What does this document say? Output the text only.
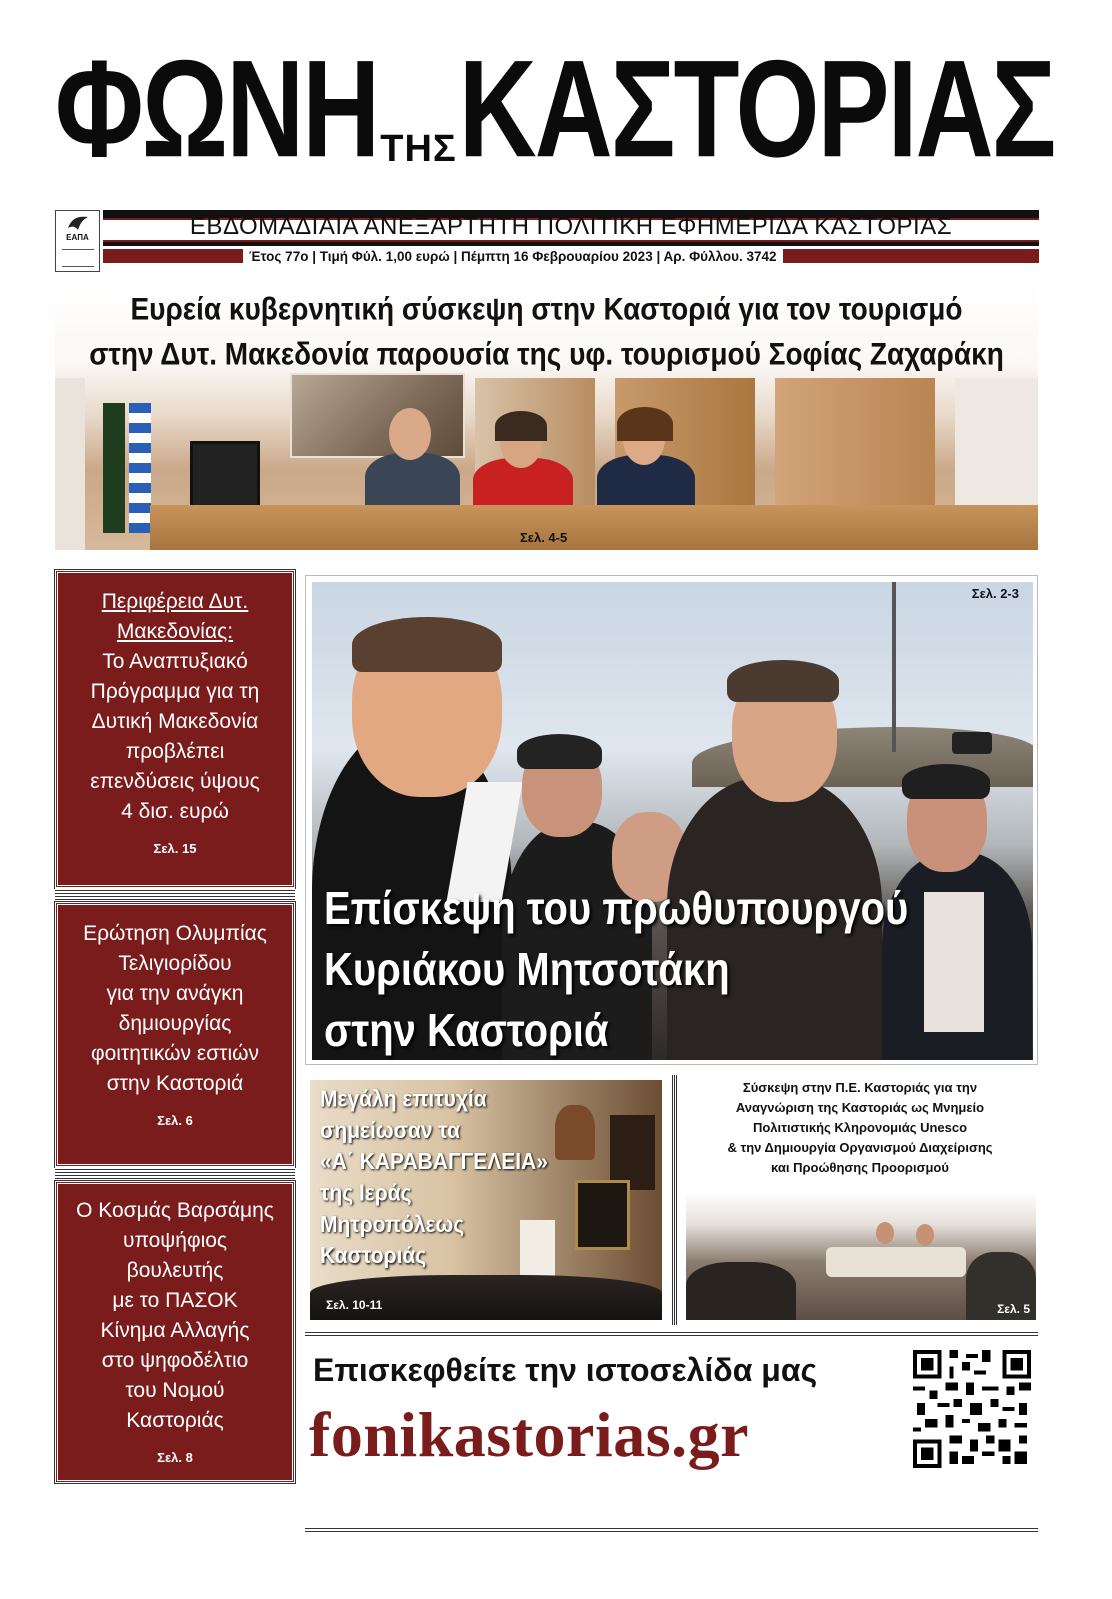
ΦΩΝΗΤΗΣΚΑΣΤΟΡΙΑΣ
ΕΑΠΑ	ΕΒΔΟΜΑΔΙΑΙΑ ΑΝΕΞΑΡΤΗΤΗ ΠΟΛΙΤΙΚΗ ΕΦΗΜΕΡΙΔΑ ΚΑΣΤΟΡΙΑΣ
Έτος 77ο | Τιμή Φύλ. 1,00 ευρώ | Πέμπτη 16 Φεβρουαρίου 2023 | Αρ. Φύλλου. 3742
Ευρεία κυβερνητική σύσκεψη στην Καστοριά για τον τουρισμό
στην Δυτ. Μακεδονία παρουσία της υφ. τουρισμού Σοφίας Ζαχαράκη
Σελ. 4-5
Περιφέρεια Δυτ.
Μακεδονίας:
Το Αναπτυξιακό
Πρόγραμμα για τη
Δυτική Μακεδονία
προβλέπει
επενδύσεις ύψους
4 δισ. ευρώ
Σελ. 15
Ερώτηση Ολυμπίας
Τελιγιορίδου
για την ανάγκη
δημιουργίας
φοιτητικών εστιών
στην Καστοριά
Σελ. 6
Ο Κοσμάς Βαρσάμης
υποψήφιος
βουλευτής
με το ΠΑΣΟΚ
Κίνημα Αλλαγής
στο ψηφοδέλτιο
του Νομού
Καστοριάς
Σελ. 8
Σελ. 2-3
Επίσκεψη του πρωθυπουργού
Κυριάκου Μητσοτάκη
στην Καστοριά
Μεγάλη επιτυχία
σημείωσαν τα
«Α΄ ΚΑΡΑΒΑΓΓΕΛΕΙΑ»
της Ιεράς
Μητροπόλεως
Καστοριάς
Σελ. 10-11
Σύσκεψη στην Π.Ε. Καστοριάς για την
Αναγνώριση της Καστοριάς ως Μνημείο
Πολιτιστικής Κληρονομιάς Unesco
& την Δημιουργία Οργανισμού Διαχείρισης
και Προώθησης Προορισμού
Σελ. 5
Επισκεφθείτε την ιστοσελίδα μας
fonikastorias.gr
